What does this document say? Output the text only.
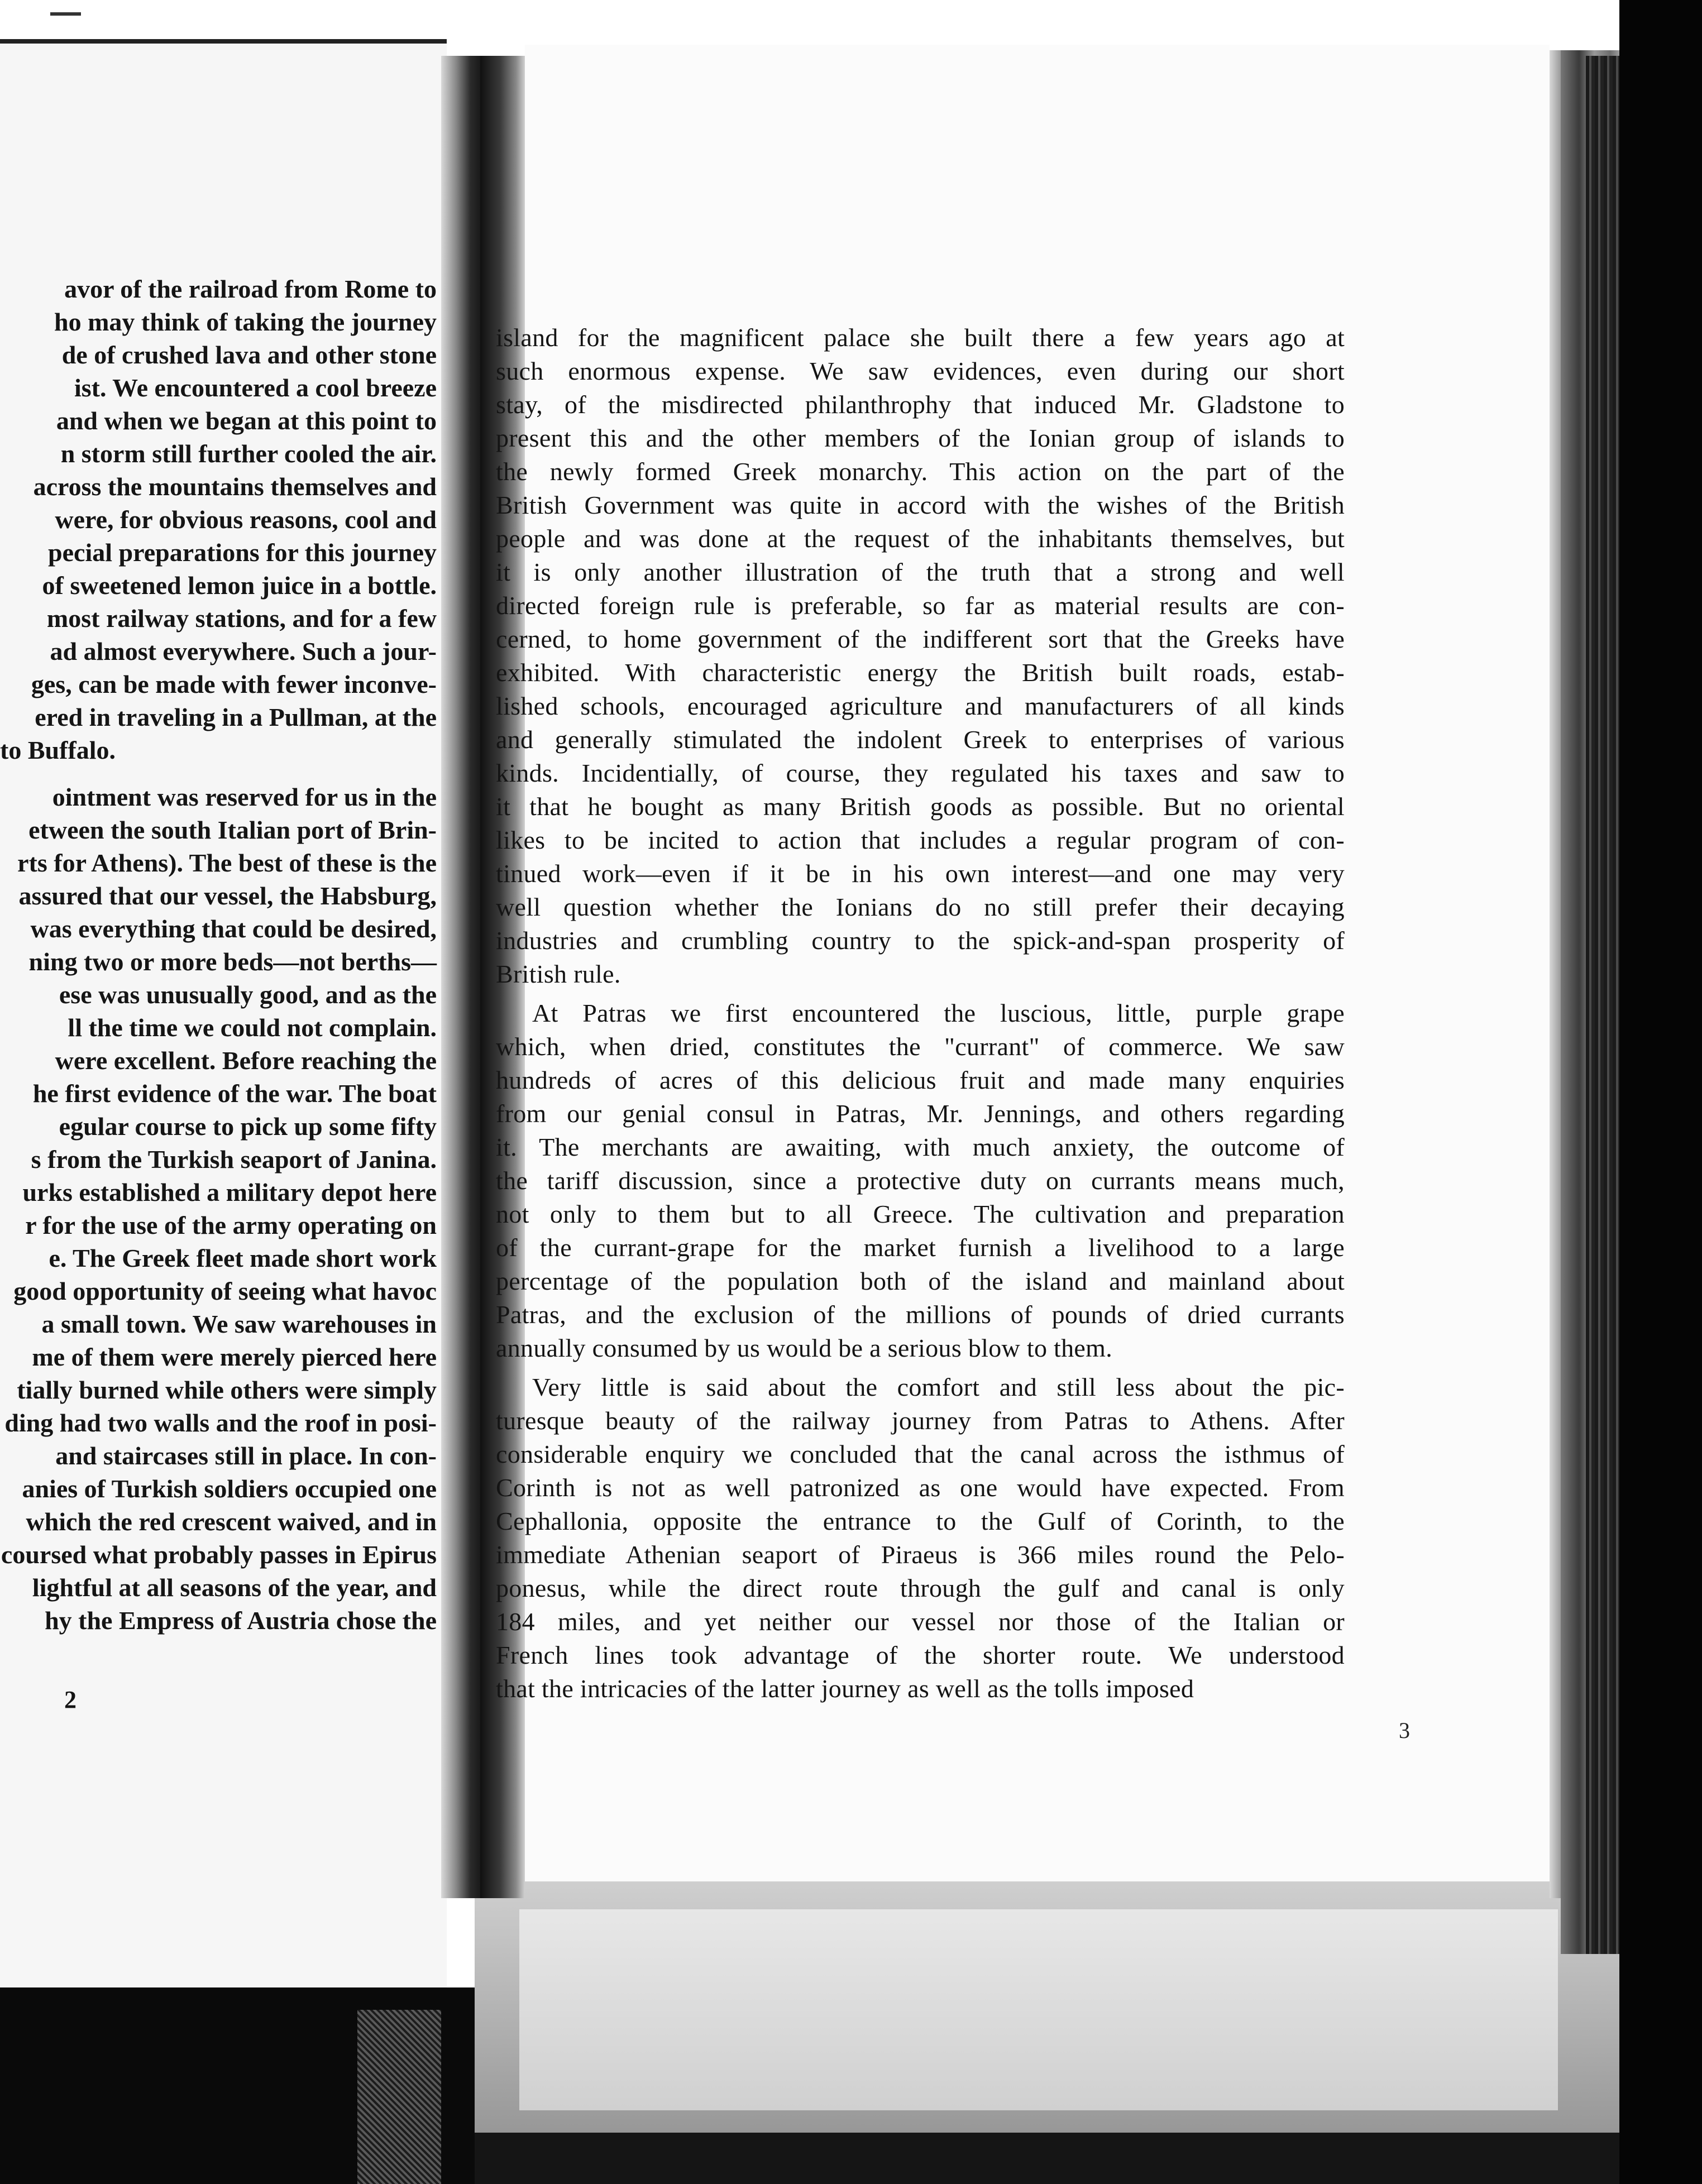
avor of the railroad from Rome to
ho may think of taking the journey
de of crushed lava and other stone
ist. We encountered a cool breeze
and when we began at this point to
n storm still further cooled the air.
across the mountains themselves and
were, for obvious reasons, cool and
pecial preparations for this journey
of sweetened lemon juice in a bottle.
most railway stations, and for a few
ad almost everywhere. Such a jour-
ges, can be made with fewer inconve-
ered in traveling in a Pullman, at the
to Buffalo.
ointment was reserved for us in the
etween the south Italian port of Brin-
rts for Athens). The best of these is the
assured that our vessel, the Habsburg,
was everything that could be desired,
ning two or more beds—not berths—
ese was unusually good, and as the
ll the time we could not complain.
were excellent. Before reaching the
he first evidence of the war. The boat
egular course to pick up some fifty
s from the Turkish seaport of Janina.
urks established a military depot here
r for the use of the army operating on
e. The Greek fleet made short work
good opportunity of seeing what havoc
a small town. We saw warehouses in
me of them were merely pierced here
tially burned while others were simply
ding had two walls and the roof in posi-
and staircases still in place. In con-
anies of Turkish soldiers occupied one
which the red crescent waived, and in
coursed what probably passes in Epirus
lightful at all seasons of the year, and
hy the Empress of Austria chose the
2
island for the magnificent palace she built there a few years ago at
such enormous expense. We saw evidences, even during our short
stay, of the misdirected philanthrophy that induced Mr. Gladstone to
present this and the other members of the Ionian group of islands to
the newly formed Greek monarchy. This action on the part of the
British Government was quite in accord with the wishes of the British
people and was done at the request of the inhabitants themselves, but
it is only another illustration of the truth that a strong and well
directed foreign rule is preferable, so far as material results are con-
cerned, to home government of the indifferent sort that the Greeks have
exhibited. With characteristic energy the British built roads, estab-
lished schools, encouraged agriculture and manufacturers of all kinds
and generally stimulated the indolent Greek to enterprises of various
kinds. Incidentially, of course, they regulated his taxes and saw to
it that he bought as many British goods as possible. But no oriental
likes to be incited to action that includes a regular program of con-
tinued work—even if it be in his own interest—and one may very
well question whether the Ionians do no still prefer their decaying
industries and crumbling country to the spick-and-span prosperity of
British rule.
At Patras we first encountered the luscious, little, purple grape
which, when dried, constitutes the "currant" of commerce. We saw
hundreds of acres of this delicious fruit and made many enquiries
from our genial consul in Patras, Mr. Jennings, and others regarding
it. The merchants are awaiting, with much anxiety, the outcome of
the tariff discussion, since a protective duty on currants means much,
not only to them but to all Greece. The cultivation and preparation
of the currant-grape for the market furnish a livelihood to a large
percentage of the population both of the island and mainland about
Patras, and the exclusion of the millions of pounds of dried currants
annually consumed by us would be a serious blow to them.
Very little is said about the comfort and still less about the pic-
turesque beauty of the railway journey from Patras to Athens. After
considerable enquiry we concluded that the canal across the isthmus of
Corinth is not as well patronized as one would have expected. From
Cephallonia, opposite the entrance to the Gulf of Corinth, to the
immediate Athenian seaport of Piraeus is 366 miles round the Pelo-
ponesus, while the direct route through the gulf and canal is only
184 miles, and yet neither our vessel nor those of the Italian or
French lines took advantage of the shorter route. We understood
that the intricacies of the latter journey as well as the tolls imposed
3
